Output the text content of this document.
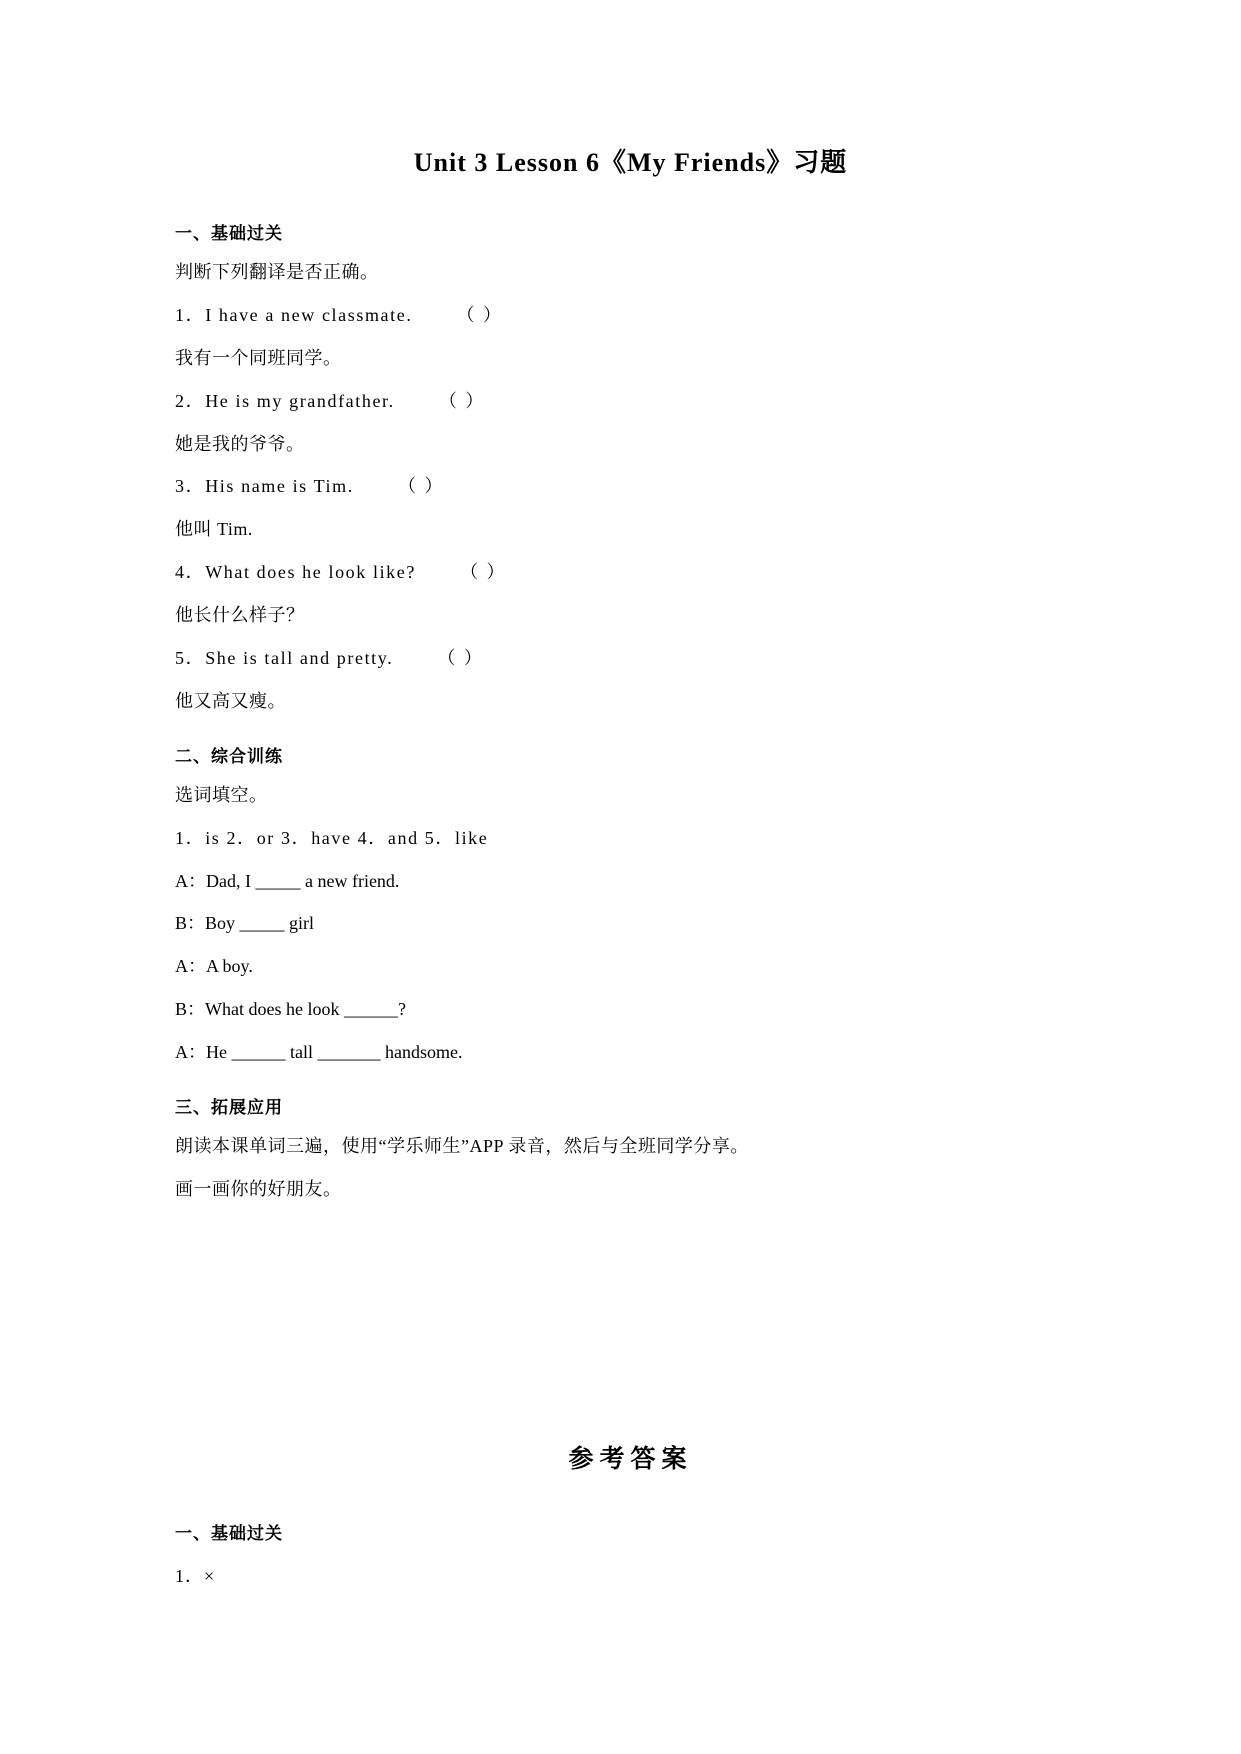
Unit 3 Lesson 6《My Friends》习题
一、基础过关
判断下列翻译是否正确。
1．I have a new classmate. （ ）
我有一个同班同学。
2．He is my grandfather. （ ）
她是我的爷爷。
3．His name is Tim. （ ）
他叫 Tim.
4．What does he look like? （ ）
他长什么样子？
5．She is tall and pretty. （ ）
他又高又瘦。
二、综合训练
选词填空。
1．is 2．or 3．have 4．and 5．like
A：Dad, I _____ a new friend.
B：Boy _____ girl
A：A boy.
B：What does he look ______?
A：He ______ tall _______ handsome.
三、拓展应用
朗读本课单词三遍，使用“学乐师生”APP 录音，然后与全班同学分享。
画一画你的好朋友。
参考答案
一、基础过关
1．×
